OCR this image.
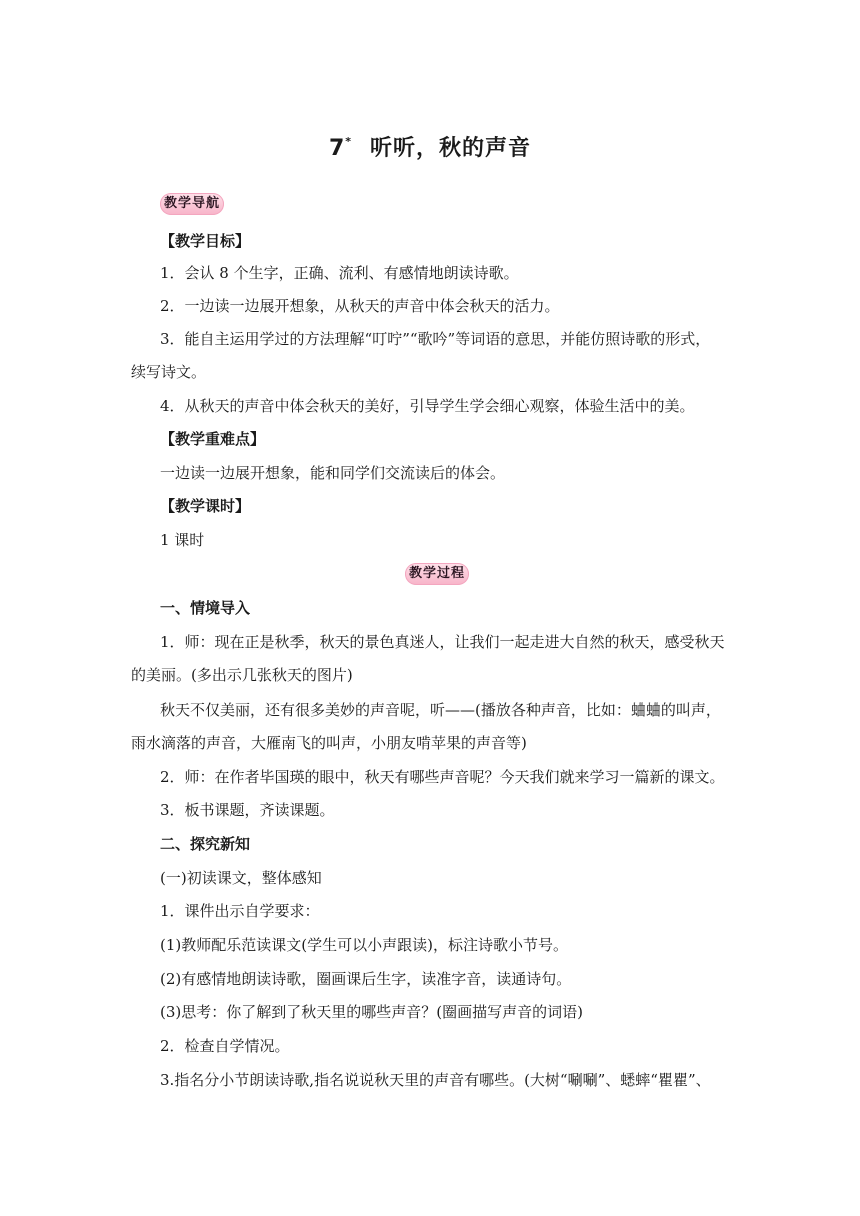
7* 听听，秋的声音
教学导航
【教学目标】
1．会认 8 个生字，正确、流利、有感情地朗读诗歌。
2．一边读一边展开想象，从秋天的声音中体会秋天的活力。
3．能自主运用学过的方法理解“叮咛”“歌吟”等词语的意思，并能仿照诗歌的形式，
续写诗文。
4．从秋天的声音中体会秋天的美好，引导学生学会细心观察，体验生活中的美。
【教学重难点】
一边读一边展开想象，能和同学们交流读后的体会。
【教学课时】
1 课时
教学过程
一、情境导入
1．师：现在正是秋季，秋天的景色真迷人，让我们一起走进大自然的秋天，感受秋天
的美丽。(多出示几张秋天的图片)
秋天不仅美丽，还有很多美妙的声音呢，听——(播放各种声音，比如：蛐蛐的叫声，
雨水滴落的声音，大雁南飞的叫声，小朋友啃苹果的声音等)
2．师：在作者毕国瑛的眼中，秋天有哪些声音呢？今天我们就来学习一篇新的课文。
3．板书课题，齐读课题。
二、探究新知
(一)初读课文，整体感知
1．课件出示自学要求：
(1)教师配乐范读课文(学生可以小声跟读)，标注诗歌小节号。
(2)有感情地朗读诗歌，圈画课后生字，读准字音，读通诗句。
(3)思考：你了解到了秋天里的哪些声音？(圈画描写声音的词语)
2．检查自学情况。
3.指名分小节朗读诗歌,指名说说秋天里的声音有哪些。(大树“唰唰”、蟋蟀“瞿瞿”、
